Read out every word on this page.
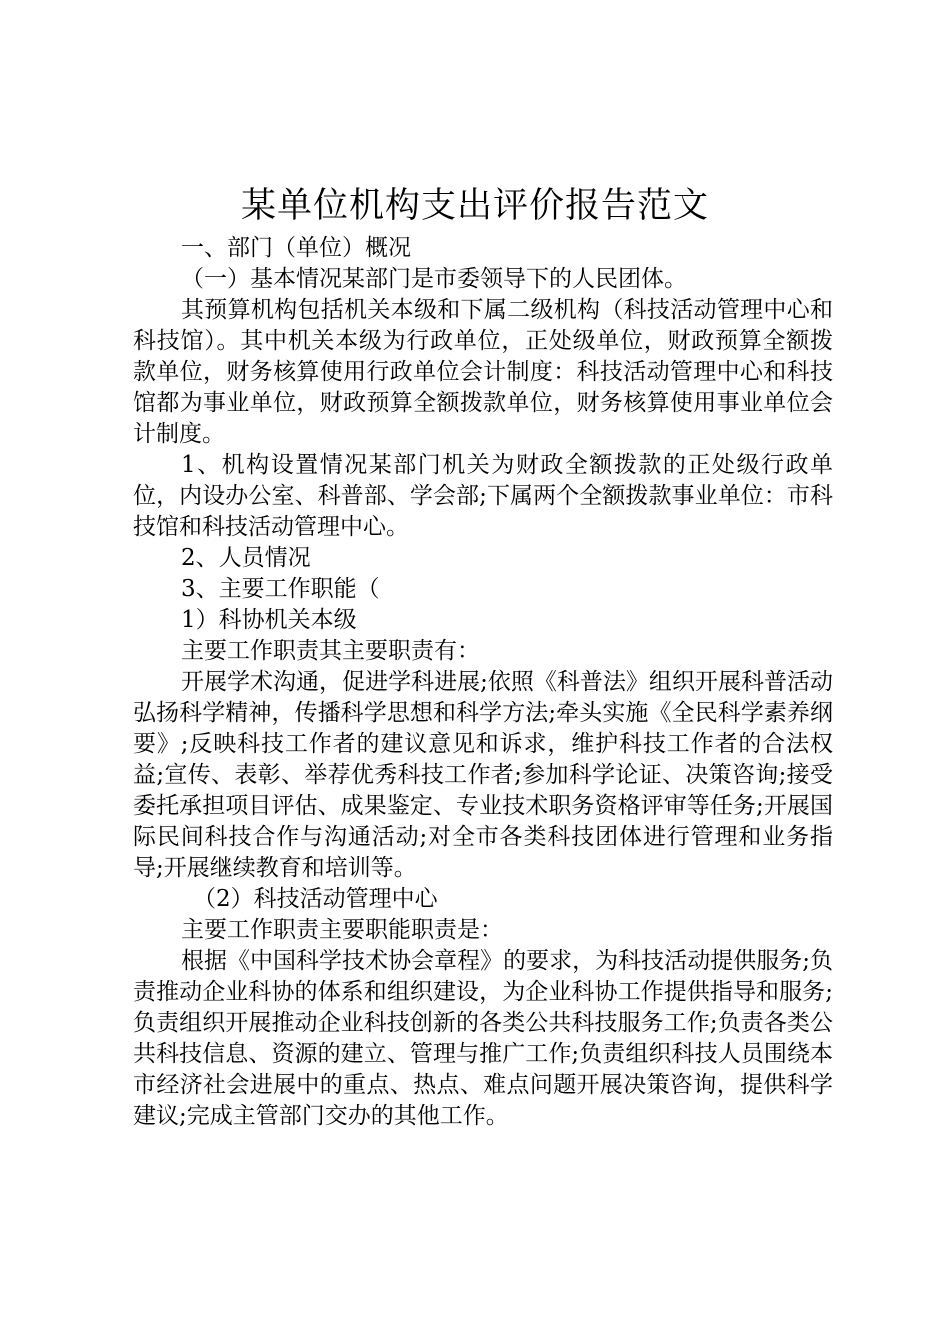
某单位机构支出评价报告范文

一、部门（单位）概况

（一）基本情况某部门是市委领导下的人民团体。

其预算机构包括机关本级和下属二级机构（科技活动管理中心和科技馆）。其中机关本级为行政单位，正处级单位，财政预算全额拨款单位，财务核算使用行政单位会计制度：科技活动管理中心和科技馆都为事业单位，财政预算全额拨款单位，财务核算使用事业单位会计制度。

1、机构设置情况某部门机关为财政全额拨款的正处级行政单位，内设办公室、科普部、学会部;下属两个全额拨款事业单位：市科技馆和科技活动管理中心。

2、人员情况

3、主要工作职能（

1）科协机关本级

主要工作职责其主要职责有：

开展学术沟通，促进学科进展;依照《科普法》组织开展科普活动弘扬科学精神，传播科学思想和科学方法;牵头实施《全民科学素养纲要》;反映科技工作者的建议意见和诉求，维护科技工作者的合法权益;宣传、表彰、举荐优秀科技工作者;参加科学论证、决策咨询;接受委托承担项目评估、成果鉴定、专业技术职务资格评审等任务;开展国际民间科技合作与沟通活动;对全市各类科技团体进行管理和业务指导;开展继续教育和培训等。

（2）科技活动管理中心

主要工作职责主要职能职责是：

根据《中国科学技术协会章程》的要求，为科技活动提供服务;负责推动企业科协的体系和组织建设，为企业科协工作提供指导和服务;负责组织开展推动企业科技创新的各类公共科技服务工作;负责各类公共科技信息、资源的建立、管理与推广工作;负责组织科技人员围绕本市经济社会进展中的重点、热点、难点问题开展决策咨询，提供科学建议;完成主管部门交办的其他工作。
